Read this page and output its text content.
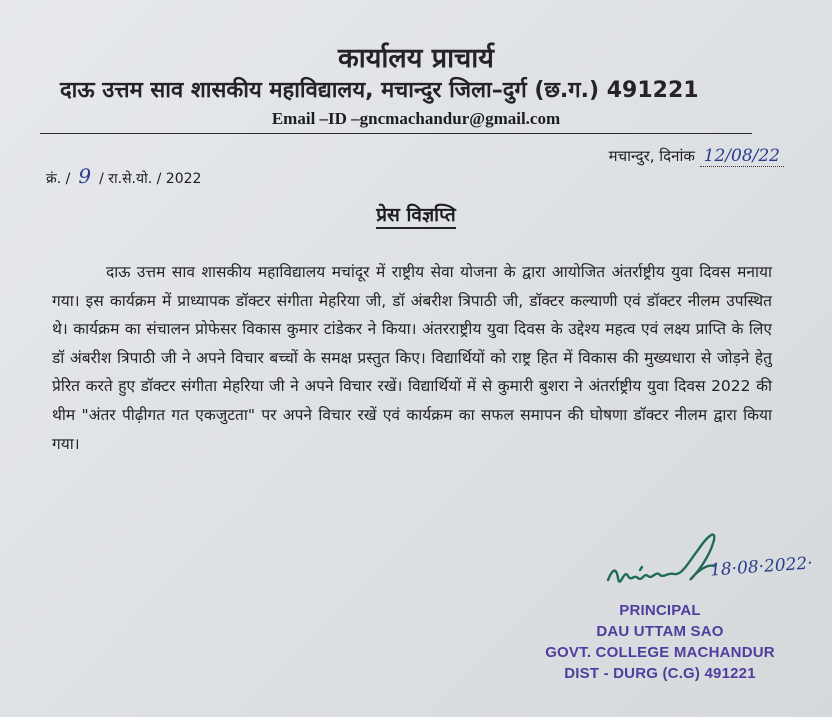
कार्यालय प्राचार्य
दाऊ उत्तम साव शासकीय महाविद्यालय, मचान्दुर जिला–दुर्ग (छ.ग.) 491221
Email –ID –gncmachandur@gmail.com
क्रं. / 9 / रा.से.यो. / 2022
मचान्दुर, दिनांक 12/08/22
प्रेस विज्ञप्ति
दाऊ उत्तम साव शासकीय महाविद्यालय मचांदूर में राष्ट्रीय सेवा योजना के द्वारा आयोजित अंतर्राष्ट्रीय युवा दिवस मनाया गया। इस कार्यक्रम में प्राध्यापक डॉक्टर संगीता मेहरिया जी, डॉ अंबरीश त्रिपाठी जी, डॉक्टर कल्याणी एवं डॉक्टर नीलम उपस्थित थे। कार्यक्रम का संचालन प्रोफेसर विकास कुमार टांडेकर ने किया। अंतरराष्ट्रीय युवा दिवस के उद्देश्य महत्व एवं लक्ष्य प्राप्ति के लिए डॉ अंबरीश त्रिपाठी जी ने अपने विचार बच्चों के समक्ष प्रस्तुत किए। विद्यार्थियों को राष्ट्र हित में विकास की मुख्यधारा से जोड़ने हेतु प्रेरित करते हुए डॉक्टर संगीता मेहरिया जी ने अपने विचार रखें। विद्यार्थियों में से कुमारी बुशरा ने अंतर्राष्ट्रीय युवा दिवस 2022 की थीम "अंतर पीढ़ीगत गत एकजुटता" पर अपने विचार रखें एवं कार्यक्रम का सफल समापन की घोषणा डॉक्टर नीलम द्वारा किया गया।
18·08·2022·
PRINCIPAL
DAU UTTAM SAO
GOVT. COLLEGE MACHANDUR
DIST - DURG (C.G) 491221
